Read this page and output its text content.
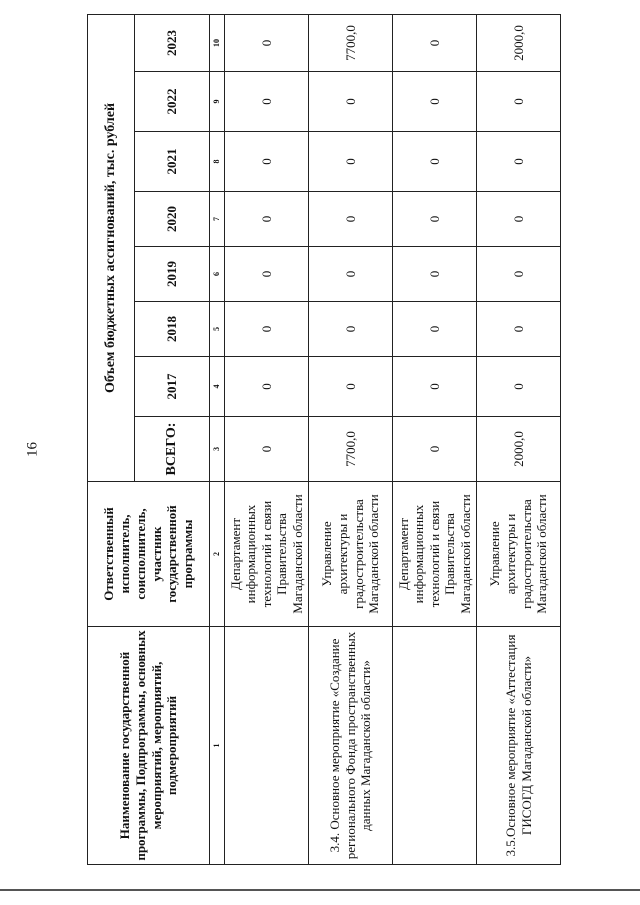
16
Наименование государственной программы, Подпрограммы, основных мероприятий, мероприятий, подмероприятий	Ответственный исполнитель, соисполнитель, участник государственной программы	Объем бюджетных ассигнований, тыс. рублей							
		ВСЕГО:	2017	2018	2019	2020	2021	2022	2023
1	2	3	4	5	6	7	8	9	10
	Департамент информационных технологий и связи Правительства Магаданской области	0	0	0	0	0	0	0	0
3.4. Основное мероприятие «Создание регионального Фонда пространственных данных Магаданской области»	Управление архитектуры и градостроительства Магаданской области	7700,0	0	0	0	0	0	0	7700,0
	Департамент информационных технологий и связи Правительства Магаданской области	0	0	0	0	0	0	0	0
3.5.Основное мероприятие «Аттестация ГИСОГД Магаданской области»	Управление архитектуры и градостроительства Магаданской области	2000,0	0	0	0	0	0	0	2000,0
